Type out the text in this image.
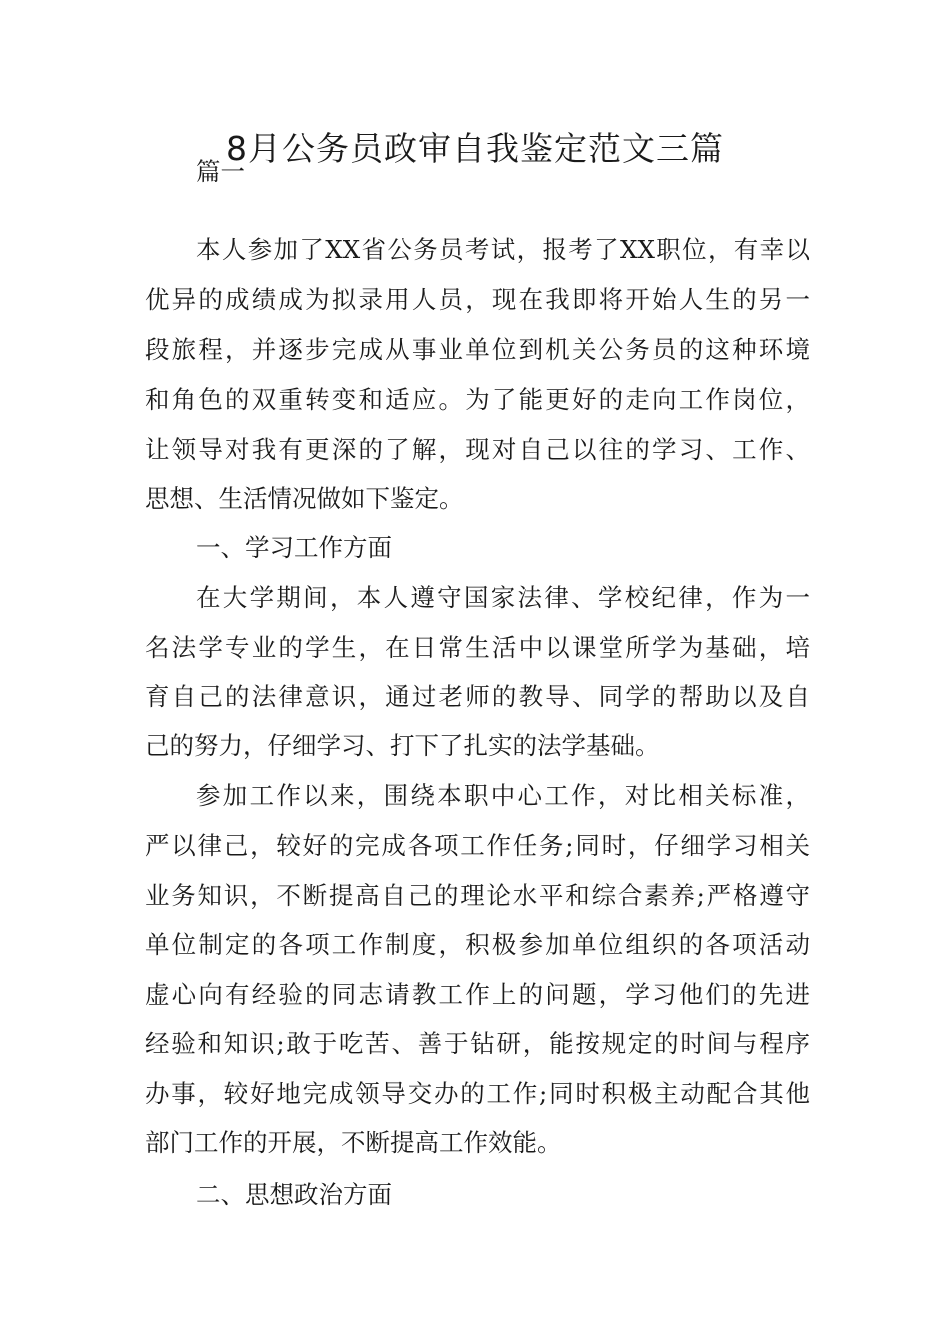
8月公务员政审自我鉴定范文三篇
篇一
本人参加了XX省公务员考试，报考了XX职位，有幸以
优异的成绩成为拟录用人员，现在我即将开始人生的另一
段旅程，并逐步完成从事业单位到机关公务员的这种环境
和角色的双重转变和适应。为了能更好的走向工作岗位，
让领导对我有更深的了解，现对自己以往的学习、工作、
思想、生活情况做如下鉴定。
一、学习工作方面
在大学期间，本人遵守国家法律、学校纪律，作为一
名法学专业的学生，在日常生活中以课堂所学为基础，培
育自己的法律意识，通过老师的教导、同学的帮助以及自
己的努力，仔细学习、打下了扎实的法学基础。
参加工作以来，围绕本职中心工作，对比相关标准，
严以律己，较好的完成各项工作任务;同时，仔细学习相关
业务知识，不断提高自己的理论水平和综合素养;严格遵守
单位制定的各项工作制度，积极参加单位组织的各项活动
虚心向有经验的同志请教工作上的问题，学习他们的先进
经验和知识;敢于吃苦、善于钻研，能按规定的时间与程序
办事，较好地完成领导交办的工作;同时积极主动配合其他
部门工作的开展，不断提高工作效能。
二、思想政治方面
